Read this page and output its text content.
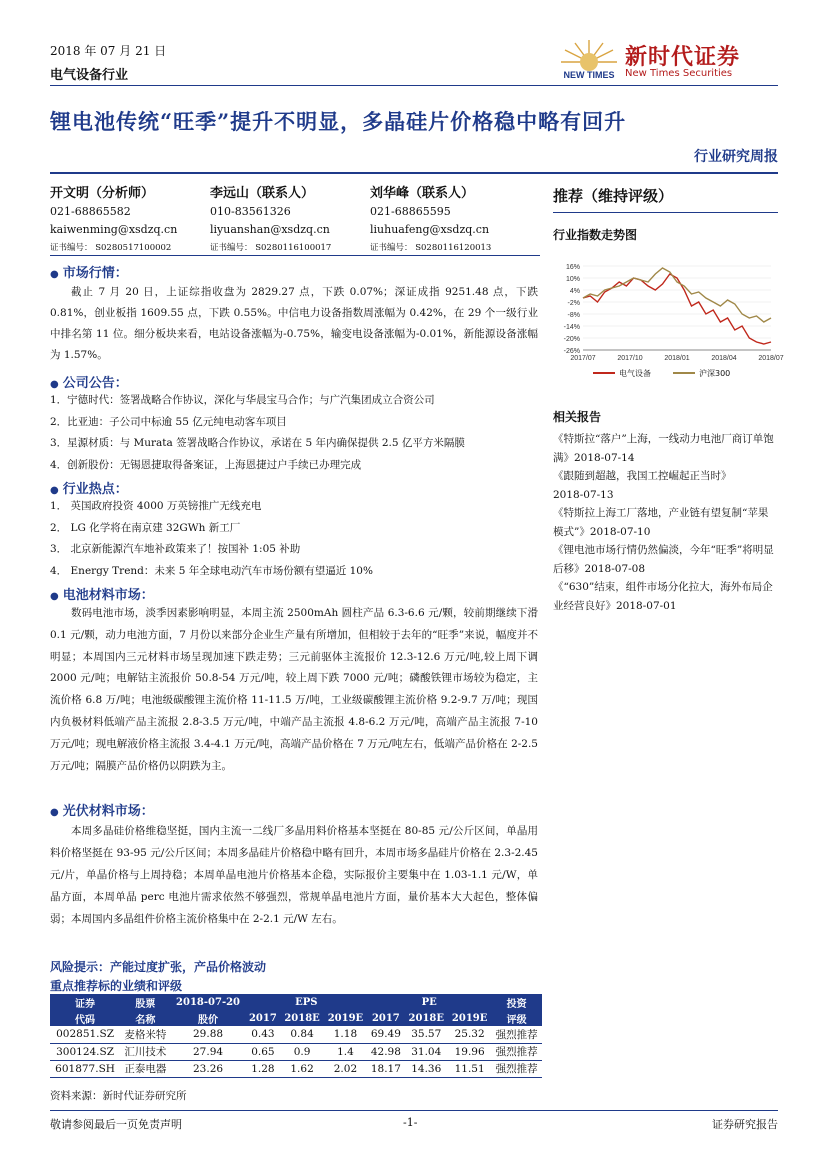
2018 年 07 月 21 日
电气设备行业	NEW TIMES
新时代证券
New Times Securities
锂电池传统“旺季”提升不明显，多晶硅片价格稳中略有回升
行业研究周报
开文明（分析师）
021-68865582
kaiwenming@xsdzq.cn
证书编号： S0280517100002
李远山（联系人）
010-83561326
liyuanshan@xsdzq.cn
证书编号： S0280116100017
刘华峰（联系人）
021-68865595
liuhuafeng@xsdzq.cn
证书编号： S0280116120013
推荐（维持评级）
行业指数走势图
16%
10%
4%
-2%
-8%
-14%
-20%
-26%
2017/07	2017/10	2018/01	2018/04	2018/07
电气设备	沪深300
相关报告
《特斯拉“落户”上海，一线动力电池厂商订单饱满》2018-07-14
《跟随到超越，我国工控崛起正当时》
2018-07-13
《特斯拉上海工厂落地，产业链有望复制“苹果模式”》2018-07-10
《锂电池市场行情仍然偏淡，今年“旺季”将明显后移》2018-07-08
《“630”结束，组件市场分化拉大，海外布局企业经营良好》2018-07-01
● 市场行情：
截止 7 月 20 日，上证综指收盘为 2829.27 点，下跌 0.07%；深证成指 9251.48 点，下跌 0.81%，创业板指 1609.55 点，下跌 0.55%。中信电力设备指数周涨幅为 0.42%，在 29 个一级行业中排名第 11 位。细分板块来看，电站设备涨幅为-0.75%，输变电设备涨幅为-0.01%，新能源设备涨幅为 1.57%。
● 公司公告：
1．宁德时代：签署战略合作协议，深化与华晨宝马合作；与广汽集团成立合资公司
2．比亚迪：子公司中标逾 55 亿元纯电动客车项目
3．星源材质：与 Murata 签署战略合作协议，承诺在 5 年内确保提供 2.5 亿平方米隔膜
4．创新股份：无锡恩捷取得备案证，上海恩捷过户手续已办理完成
● 行业热点：
1． 英国政府投资 4000 万英镑推广无线充电
2． LG 化学将在南京建 32GWh 新工厂
3． 北京新能源汽车地补政策来了！按国补 1:05 补助
4． Energy Trend：未来 5 年全球电动汽车市场份额有望逼近 10%
● 电池材料市场：
数码电池市场，淡季因素影响明显，本周主流 2500mAh 圆柱产品 6.3-6.6 元/颗，较前期继续下滑 0.1 元/颗，动力电池方面，7 月份以来部分企业生产量有所增加，但相较于去年的“旺季”来说，幅度并不明显；本周国内三元材料市场呈现加速下跌走势；三元前驱体主流报价 12.3-12.6 万元/吨,较上周下调 2000 元/吨；电解钴主流报价 50.8-54 万元/吨，较上周下跌 7000 元/吨；磷酸铁锂市场较为稳定，主流价格 6.8 万/吨；电池级碳酸锂主流价格 11-11.5 万/吨，工业级碳酸锂主流价格 9.2-9.7 万/吨；现国内负极材料低端产品主流报 2.8-3.5 万元/吨，中端产品主流报 4.8-6.2 万元/吨，高端产品主流报 7-10 万元/吨；现电解液价格主流报 3.4-4.1 万元/吨，高端产品价格在 7 万元/吨左右，低端产品价格在 2-2.5 万元/吨；隔膜产品价格仍以阴跌为主。
● 光伏材料市场：
本周多晶硅价格维稳坚挺，国内主流一二线厂多晶用料价格基本坚挺在 80-85 元/公斤区间，单晶用料价格坚挺在 93-95 元/公斤区间；本周多晶硅片价格稳中略有回升，本周市场多晶硅片价格在 2.3-2.45 元/片，单晶价格与上周持稳；本周单晶电池片价格基本企稳，实际报价主要集中在 1.03-1.1 元/W，单晶方面，本周单晶 perc 电池片需求依然不够强烈，常规单晶电池片方面，量价基本大大起色，整体偏弱；本周国内多晶组件价格主流价格集中在 2-2.1 元/W 左右。
风险提示：产能过度扩张，产品价格波动
重点推荐标的业绩和评级
证券	股票	2018-07-20	EPS			PE			投资
代码	名称	股价	2017	2018E	2019E	2017	2018E	2019E	评级
002851.SZ	麦格米特	29.88	0.43	0.84	1.18	69.49	35.57	25.32	强烈推荐
300124.SZ	汇川技术	27.94	0.65	0.9	1.4	42.98	31.04	19.96	强烈推荐
601877.SH	正泰电器	23.26	1.28	1.62	2.02	18.17	14.36	11.51	强烈推荐
资料来源：新时代证券研究所
敬请参阅最后一页免责声明	-1-	证券研究报告
